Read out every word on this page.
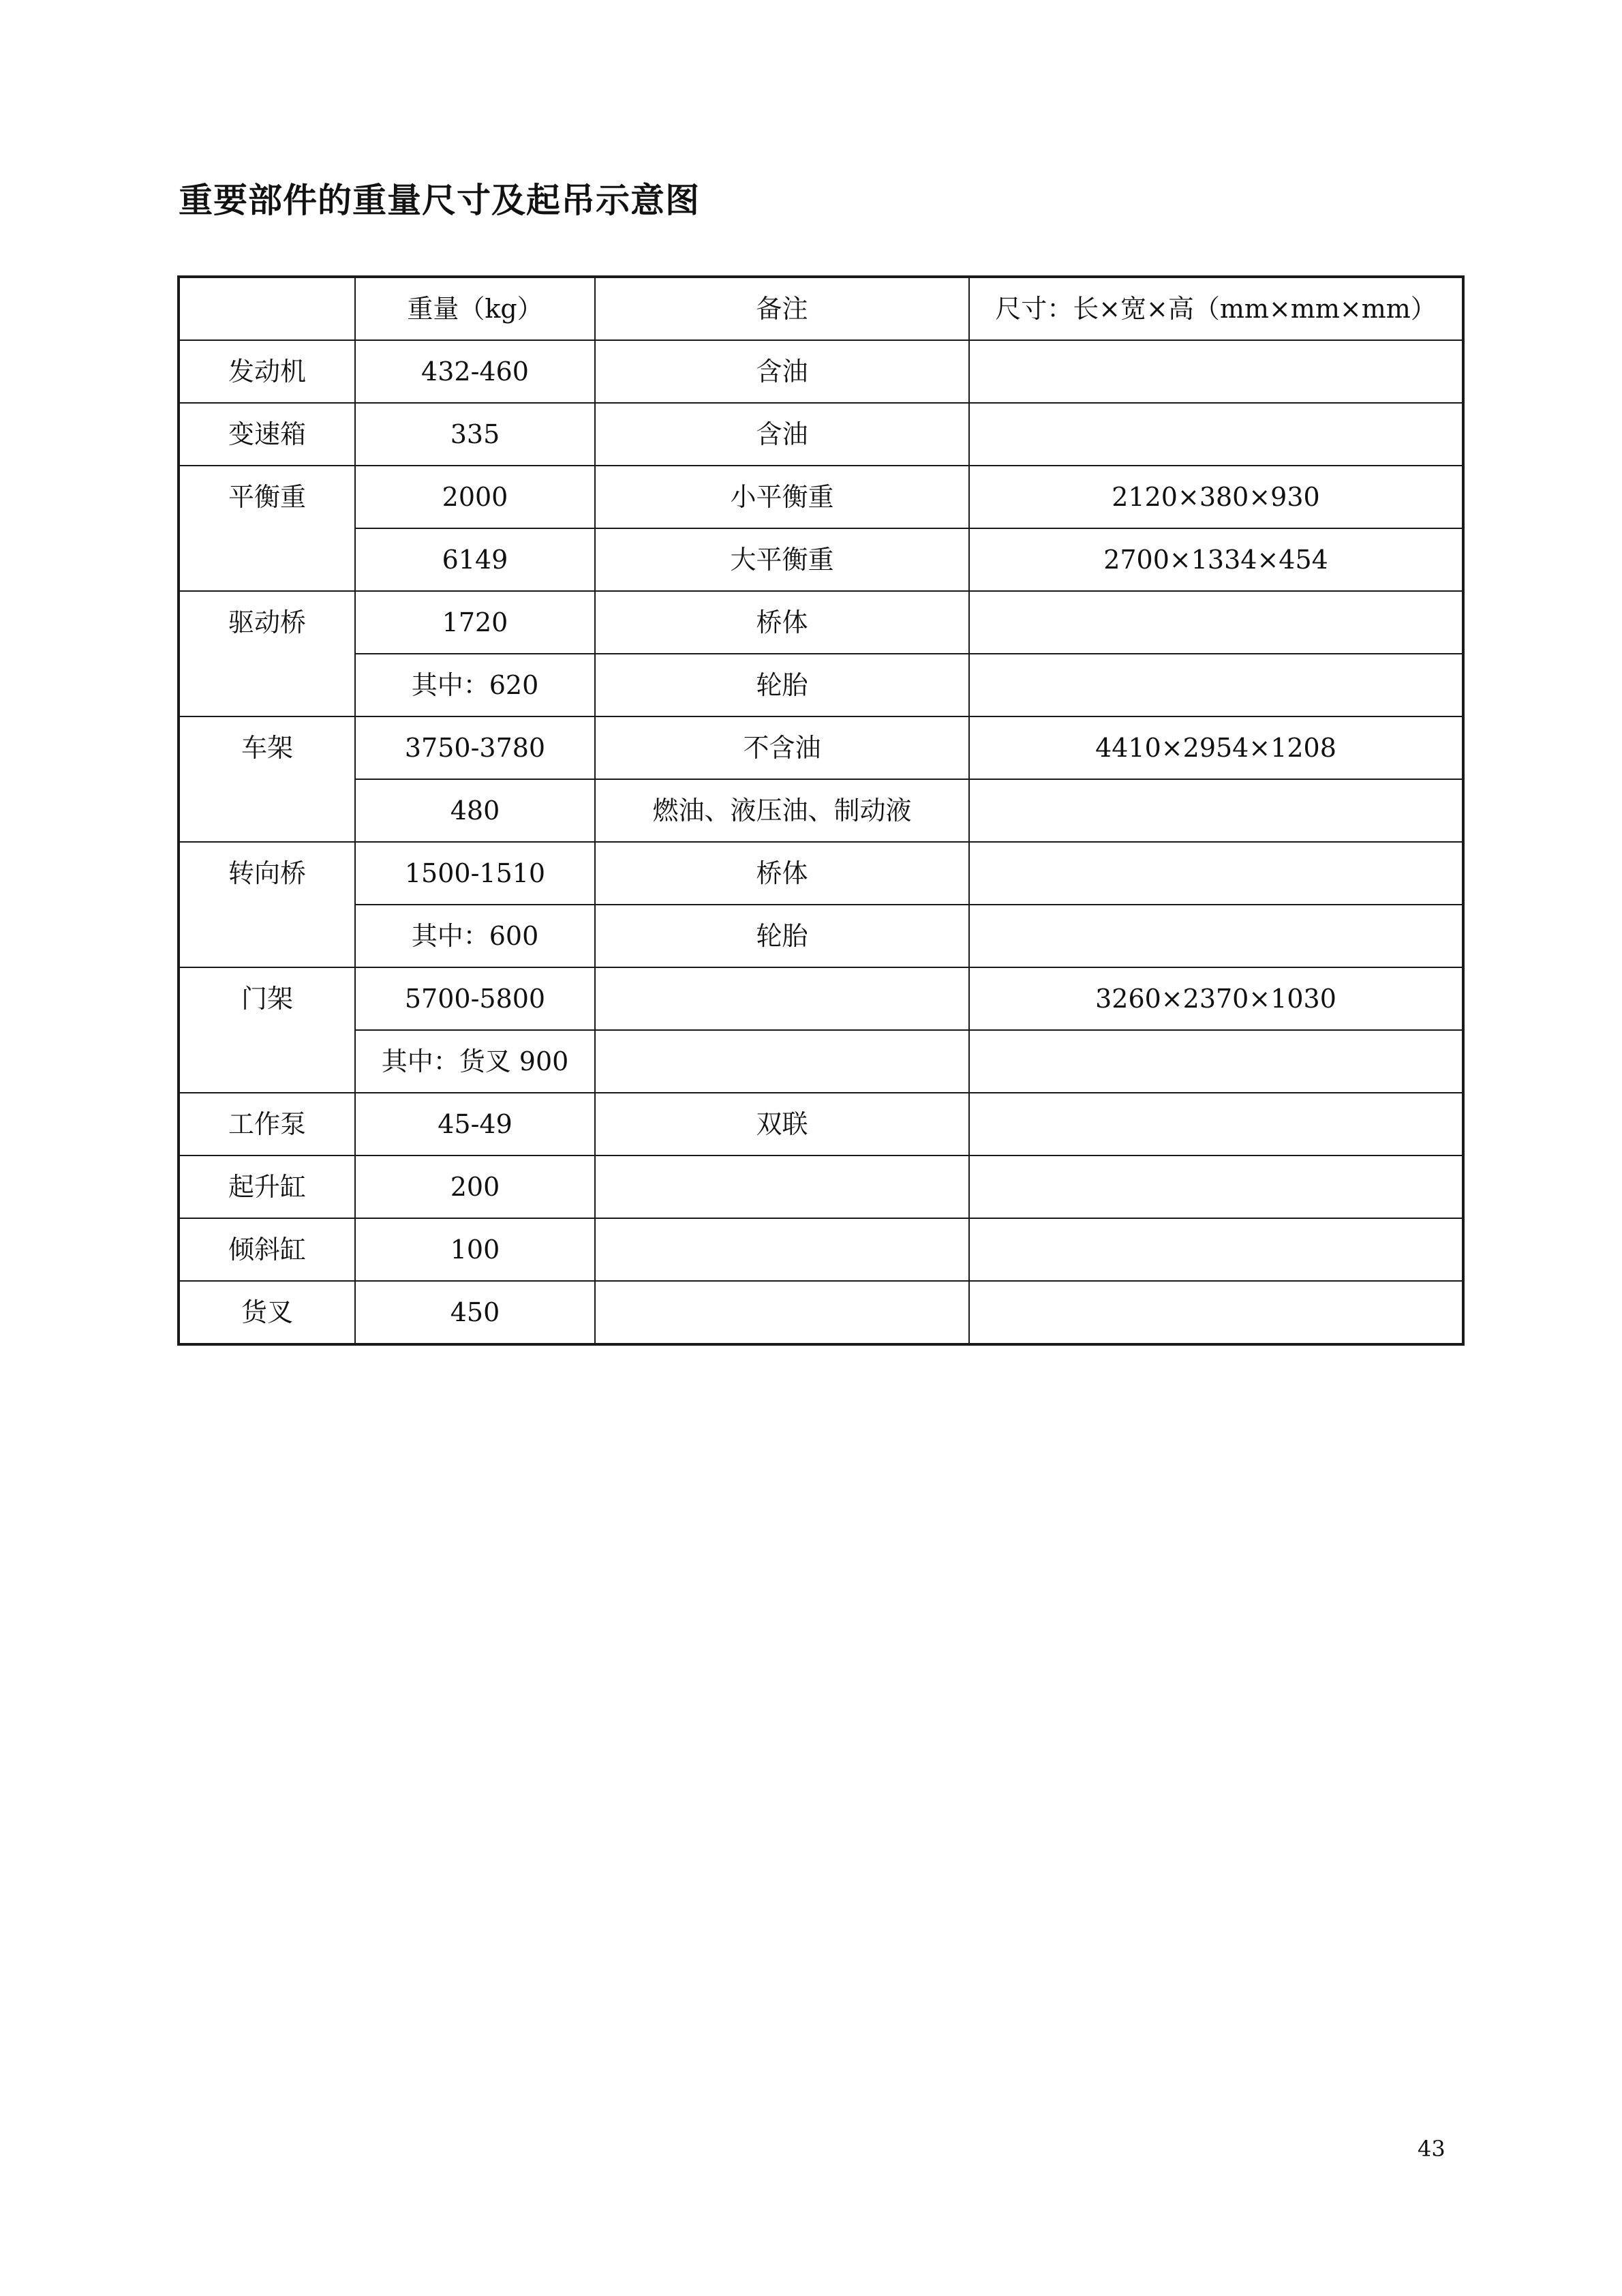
重要部件的重量尺寸及起吊示意图
	重量（kg）	备注	尺寸：长×宽×高（mm×mm×mm）
发动机	432-460	含油	
变速箱	335	含油	
平衡重	2000	小平衡重	2120×380×930
	6149	大平衡重	2700×1334×454
驱动桥	1720	桥体	
	其中：620	轮胎	
车架	3750-3780	不含油	4410×2954×1208
	480	燃油、液压油、制动液	
转向桥	1500-1510	桥体	
	其中：600	轮胎	
门架	5700-5800		3260×2370×1030
	其中：货叉 900		
工作泵	45-49	双联	
起升缸	200		
倾斜缸	100		
货叉	450		
43
